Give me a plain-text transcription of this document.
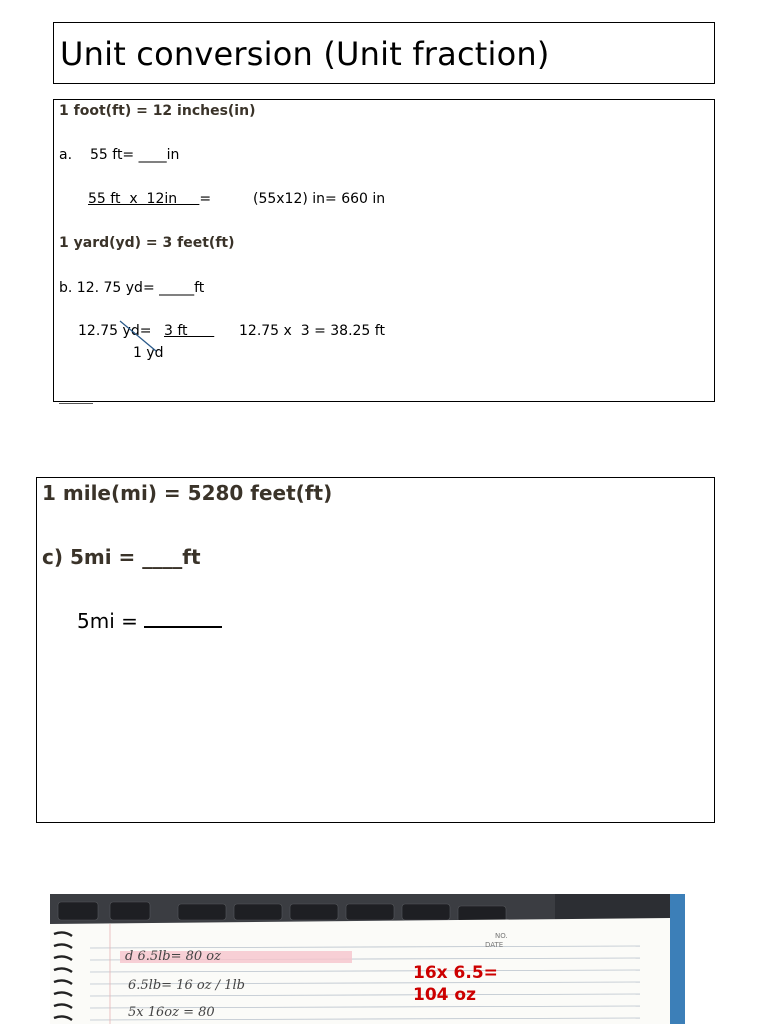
Unit conversion (Unit fraction)
1 foot(ft) = 12 inches(in)
a. 55 ft= ____in
55 ft  x  12in     =	(55x12) in= 660 in
1 yard(yd) = 3 feet(ft)
b. 12. 75 yd= _____ft
12.75 yd= 3 ft
1 yd
12.75 x  3 = 38.25 ft
1 mile(mi) = 5280 feet(ft)
c) 5mi = ____ft
5mi =
NO.
DATE
d 6.5lb= 80 oz
6.5lb= 16 oz / 1lb
5x 16oz = 80
16x 6.5=
104 oz
